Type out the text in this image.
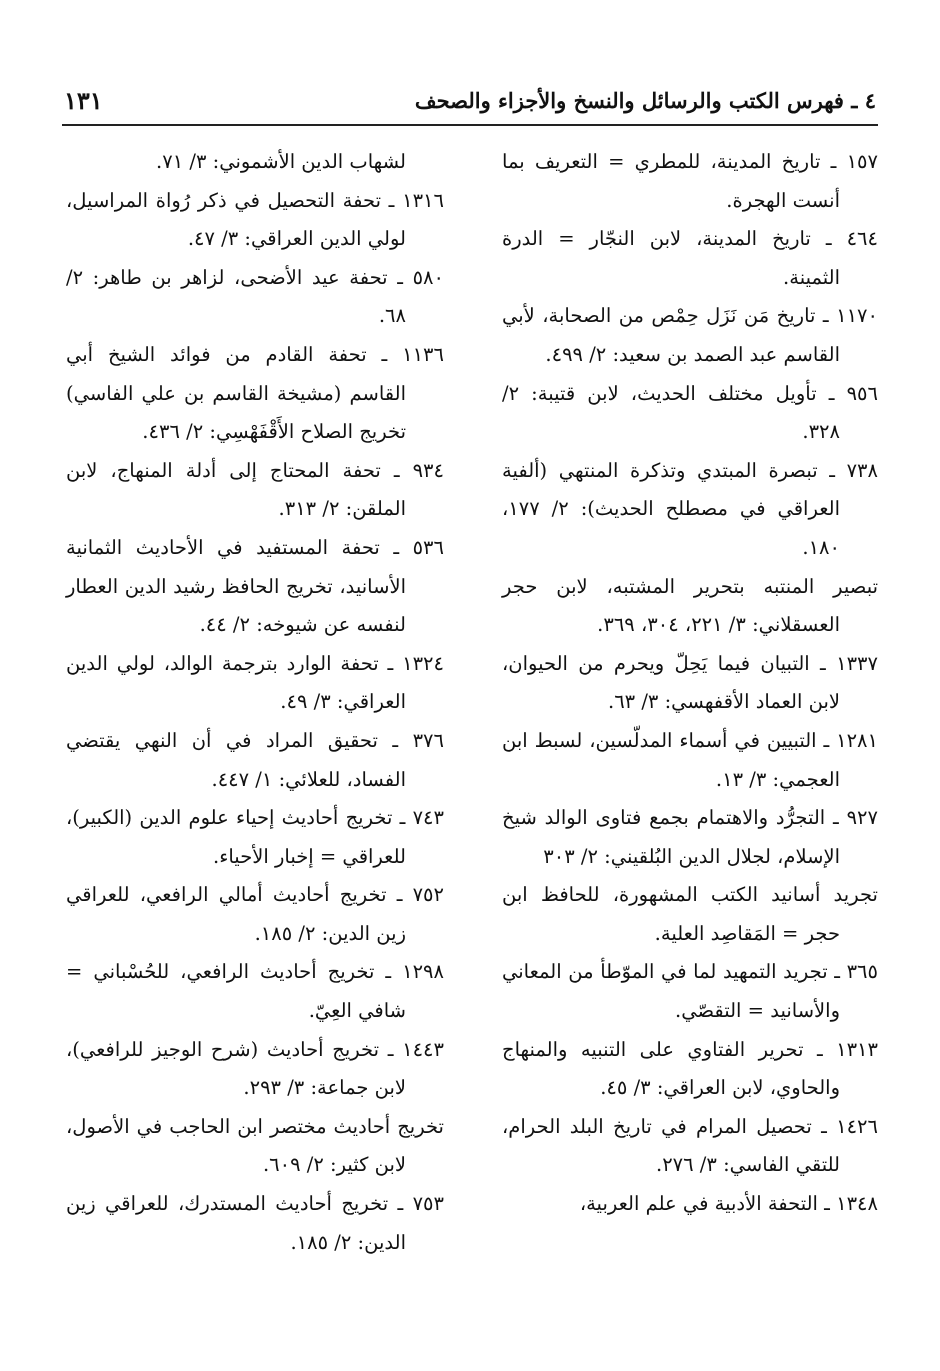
١٣١	٤ ـ فهرس الكتب والرسائل والنسخ والأجزاء والصحف

١٥٧ ـ تاريخ المدينة، للمطري = التعريف بما أنست الهجرة.

٤٦٤ ـ تاريخ المدينة، لابن النجّار = الدرة الثمينة.

١١٧٠ ـ تاريخ مَن نَزَل حِمْص من الصحابة، لأبي القاسم عبد الصمد بن سعيد: ٢/ ٤٩٩.

٩٥٦ ـ تأويل مختلف الحديث، لابن قتيبة: ٢/ ٣٢٨.

٧٣٨ ـ تبصرة المبتدي وتذكرة المنتهي (ألفية العراقي في مصطلح الحديث): ٢/ ١٧٧، ١٨٠.

تبصير المنتبه بتحرير المشتبه، لابن حجر العسقلاني: ٣/ ٢٢١، ٣٠٤، ٣٦٩.

١٣٣٧ ـ التبيان فيما يَحِلّ ويحرم من الحيوان، لابن العماد الأقفهسي: ٣/ ٦٣.

١٢٨١ ـ التبيين في أسماء المدلّسين، لسبط ابن العجمي: ٣/ ١٣.

٩٢٧ ـ التجرُّد والاهتمام بجمع فتاوى الوالد شيخ الإسلام، لجلال الدين البُلقيني: ٢/ ٣٠٣

تجريد أسانيد الكتب المشهورة، للحافظ ابن حجر = المَقاصِد العلية.

٣٦٥ ـ تجريد التمهيد لما في الموّطأ من المعاني والأسانيد = التقصّي.

١٣١٣ ـ تحرير الفتاوي على التنبيه والمنهاج والحاوي، لابن العراقي: ٣/ ٤٥.

١٤٢٦ ـ تحصيل المرام في تاريخ البلد الحرام، للتقي الفاسي: ٣/ ٢٧٦.

١٣٤٨ ـ التحفة الأدبية في علم العربية،

لشهاب الدين الأشموني: ٣/ ٧١.

١٣١٦ ـ تحفة التحصيل في ذكر رُواة المراسيل، لولي الدين العراقي: ٣/ ٤٧.

٥٨٠ ـ تحفة عيد الأضحى، لزاهر بن طاهر: ٢/ ٦٨.

١١٣٦ ـ تحفة القادم من فوائد الشيخ أبي القاسم (مشيخة القاسم بن علي الفاسي) تخريج الصلاح الأَقْفَهْسِي: ٢/ ٤٣٦.

٩٣٤ ـ تحفة المحتاج إلى أدلة المنهاج، لابن الملقن: ٢/ ٣١٣.

٥٣٦ ـ تحفة المستفيد في الأحاديث الثمانية الأسانيد، تخريج الحافظ رشيد الدين العطار لنفسه عن شيوخه: ٢/ ٤٤.

١٣٢٤ ـ تحفة الوارد بترجمة الوالد، لولي الدين العراقي: ٣/ ٤٩.

٣٧٦ ـ تحقيق المراد في أن النهي يقتضي الفساد، للعلائي: ١/ ٤٤٧.

٧٤٣ ـ تخريج أحاديث إحياء علوم الدين (الكبير)، للعراقي = إخبار الأحياء.

٧٥٢ ـ تخريج أحاديث أمالي الرافعي، للعراقي زين الدين: ٢/ ١٨٥.

١٢٩٨ ـ تخريج أحاديث الرافعي، للحُسْباني = شافي العِيّ.

١٤٤٣ ـ تخريج أحاديث (شرح الوجيز للرافعي)، لابن جماعة: ٣/ ٢٩٣.

تخريج أحاديث مختصر ابن الحاجب في الأصول، لابن كثير: ٢/ ٦٠٩.

٧٥٣ ـ تخريج أحاديث المستدرك، للعراقي زين الدين: ٢/ ١٨٥.
